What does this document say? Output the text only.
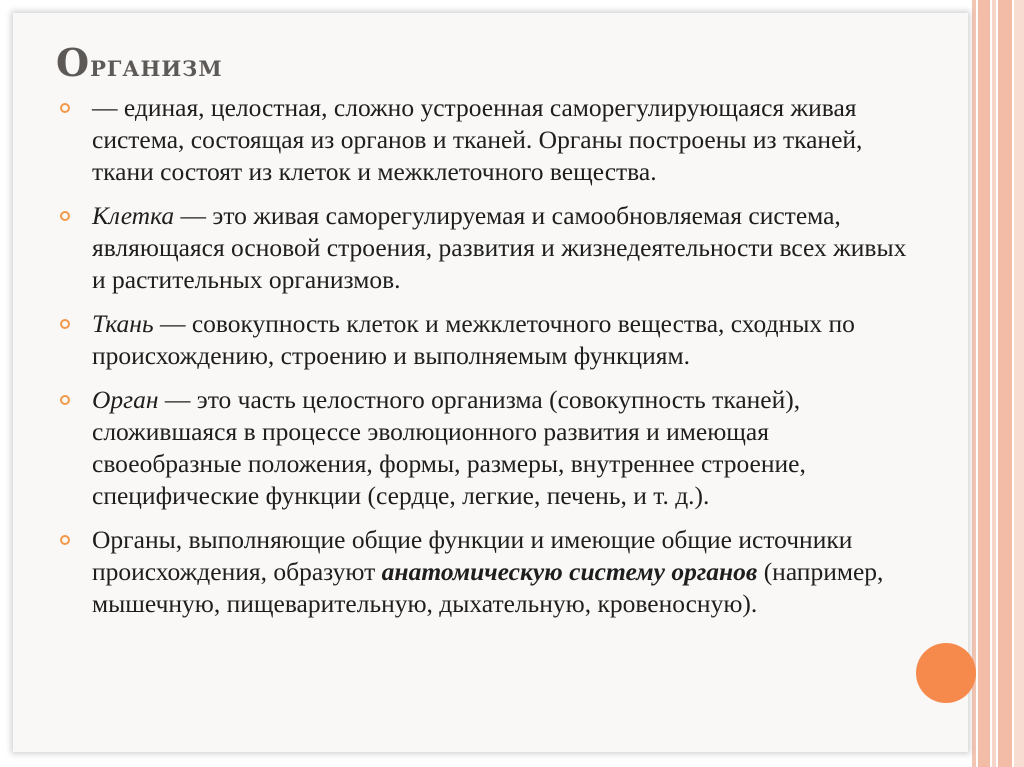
Организм
— единая, целостная, сложно устроенная саморегулирующаяся живая система, состоящая из органов и тканей. Органы построены из тканей, ткани состоят из клеток и межклеточного вещества.
Клетка — это живая саморегулируемая и самообновляемая система, являющаяся основой строения, развития и жизнедеятельности всех живых и растительных организмов.
Ткань — совокупность клеток и межклеточного вещества, сходных по происхождению, строению и выполняемым функциям.
Орган — это часть целостного организма (совокупность тканей), сложившаяся в процессе эволюционного развития и имеющая своеобразные положения, формы, размеры, внутреннее строение, специфические функции (сердце, легкие, печень, и т. д.).
Органы, выполняющие общие функции и имеющие общие источники происхождения, образуют анатомическую систему органов (например, мышечную, пищеварительную, дыхательную, кровеносную).
